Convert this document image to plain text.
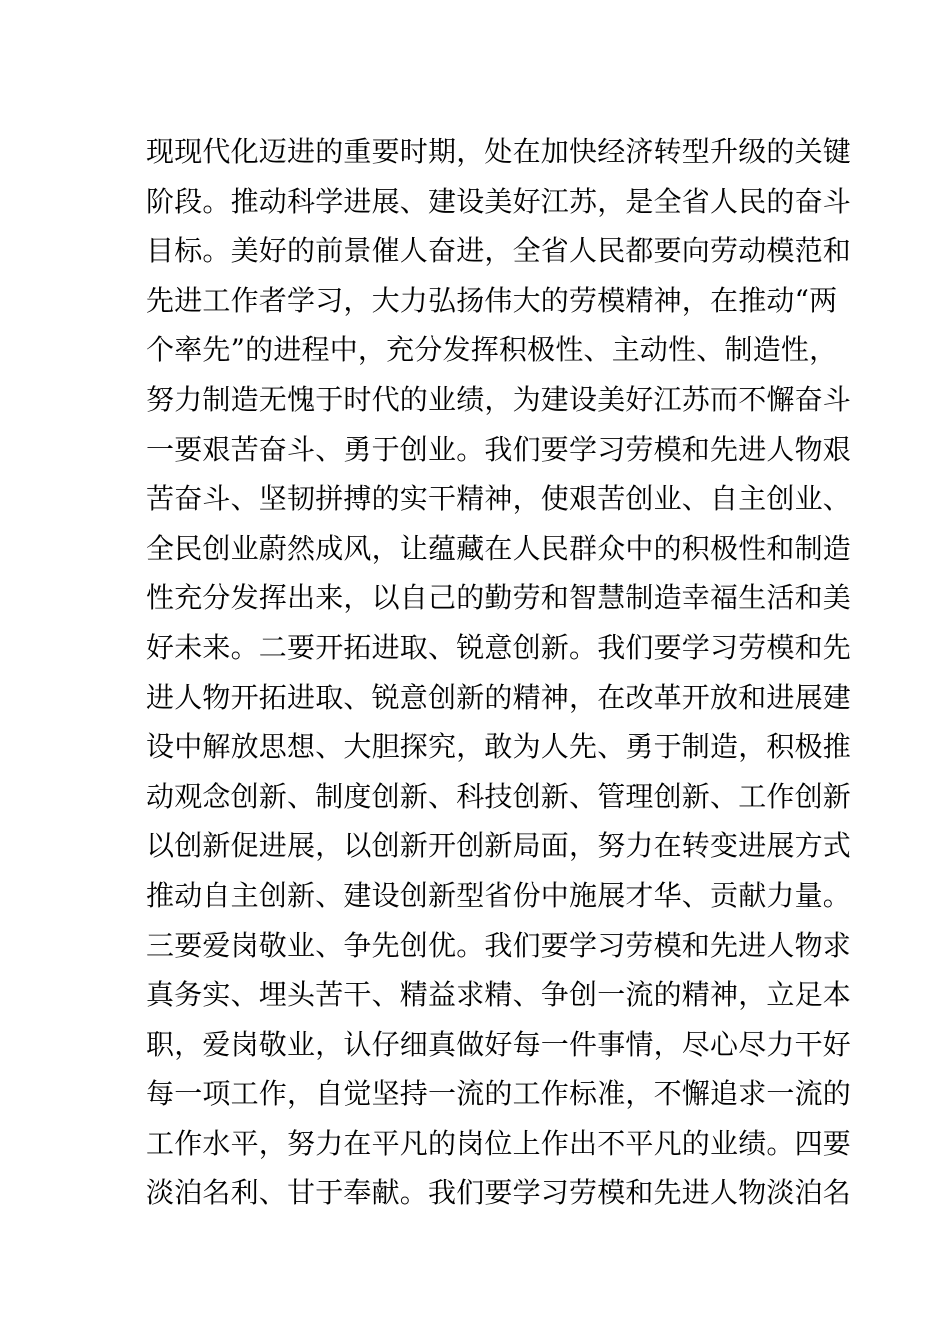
现现代化迈进的重要时期，处在加快经济转型升级的关键
阶段。推动科学进展、建设美好江苏，是全省人民的奋斗
目标。美好的前景催人奋进，全省人民都要向劳动模范和
先进工作者学习，大力弘扬伟大的劳模精神，在推动“两
个率先”的进程中，充分发挥积极性、主动性、制造性，
努力制造无愧于时代的业绩，为建设美好江苏而不懈奋斗
一要艰苦奋斗、勇于创业。我们要学习劳模和先进人物艰
苦奋斗、坚韧拼搏的实干精神，使艰苦创业、自主创业、
全民创业蔚然成风，让蕴藏在人民群众中的积极性和制造
性充分发挥出来，以自己的勤劳和智慧制造幸福生活和美
好未来。二要开拓进取、锐意创新。我们要学习劳模和先
进人物开拓进取、锐意创新的精神，在改革开放和进展建
设中解放思想、大胆探究，敢为人先、勇于制造，积极推
动观念创新、制度创新、科技创新、管理创新、工作创新
以创新促进展，以创新开创新局面，努力在转变进展方式
推动自主创新、建设创新型省份中施展才华、贡献力量。
三要爱岗敬业、争先创优。我们要学习劳模和先进人物求
真务实、埋头苦干、精益求精、争创一流的精神，立足本
职，爱岗敬业，认仔细真做好每一件事情，尽心尽力干好
每一项工作，自觉坚持一流的工作标准，不懈追求一流的
工作水平，努力在平凡的岗位上作出不平凡的业绩。四要
淡泊名利、甘于奉献。我们要学习劳模和先进人物淡泊名
